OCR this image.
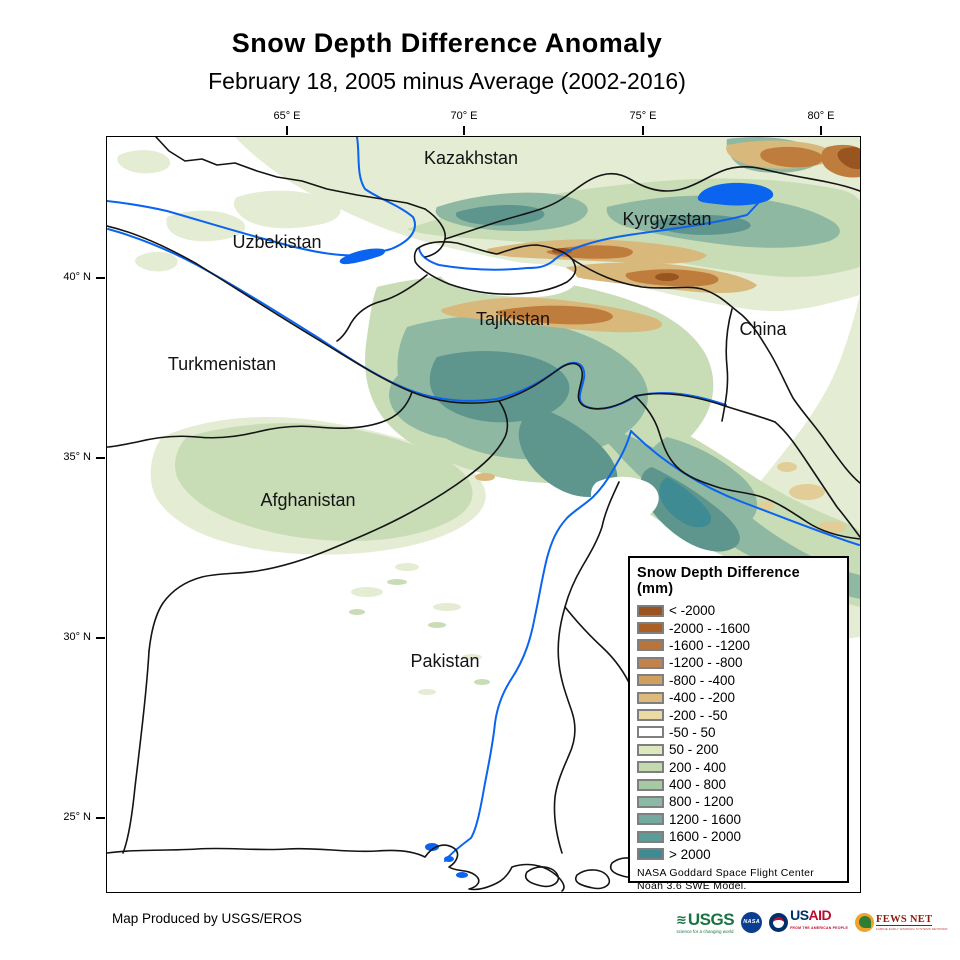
Snow Depth Difference Anomaly
February 18, 2005 minus Average (2002-2016)
65° E	70° E	75° E	80° E
40° N
35° N
30° N
25° N
Kazakhstan
Kyrgyzstan
Uzbekistan
Tajikistan	China
Turkmenistan
Afghanistan
Pakistan
Snow Depth Difference (mm)
< -2000
-2000 - -1600
-1600 - -1200
-1200 - -800
-800 - -400
-400 - -200
-200 - -50
-50 - 50
50 - 200
200 - 400
400 - 800
800 - 1200
1200 - 1600
1600 - 2000
> 2000
NASA Goddard Space Flight Center
Noah 3.6 SWE Model.
Map Produced by USGS/EROS	≋ USGS
science for a changing world
NASA USAID
FROM THE AMERICAN PEOPLE
FEWS NET
FAMINE EARLY WARNING SYSTEMS NETWORK
